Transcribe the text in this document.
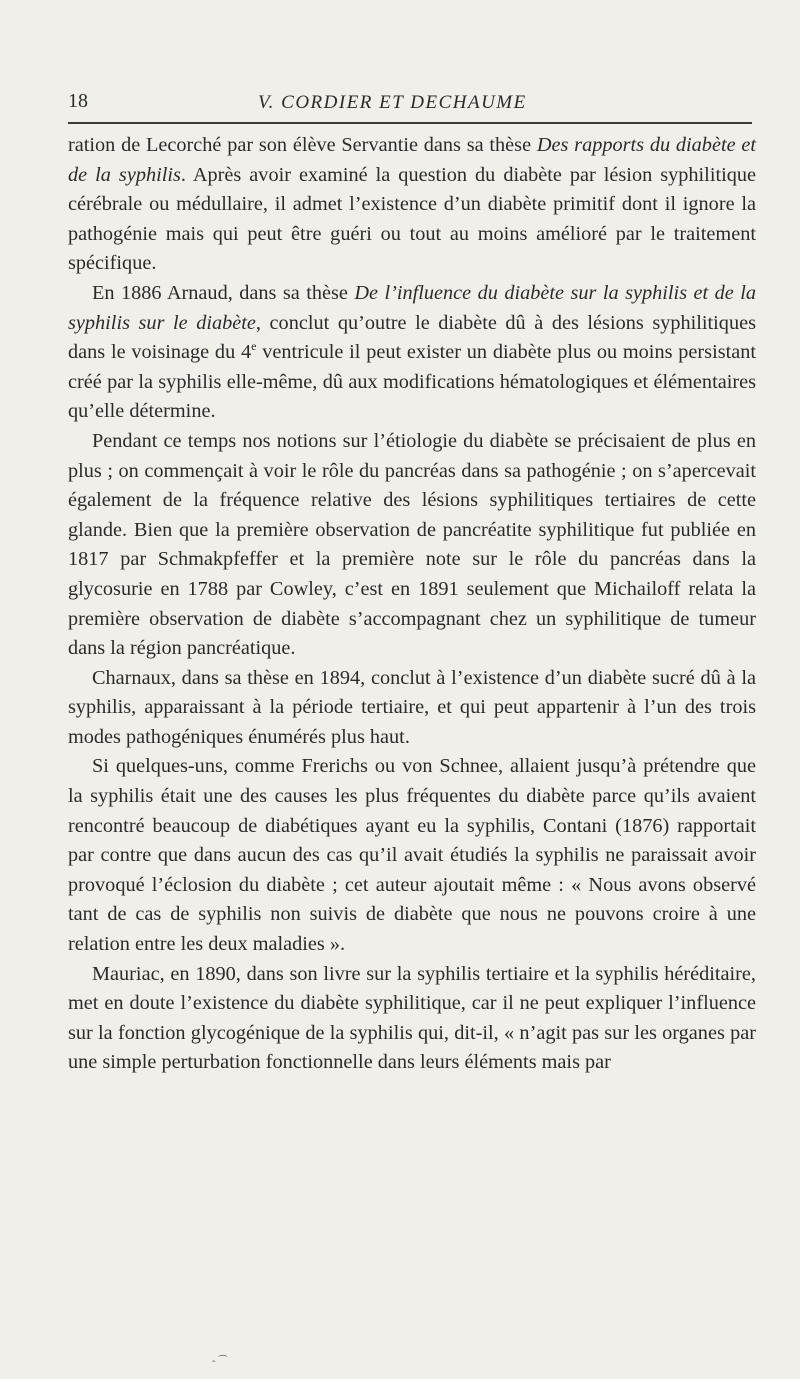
18	V. CORDIER ET DECHAUME

ration de Lecorché par son élève Servantie dans sa thèse Des rapports du diabète et de la syphilis. Après avoir examiné la question du diabète par lésion syphilitique cérébrale ou médullaire, il admet l’existence d’un diabète primitif dont il ignore la pathogénie mais qui peut être guéri ou tout au moins amélioré par le traitement spécifique.

En 1886 Arnaud, dans sa thèse De l’influence du diabète sur la syphilis et de la syphilis sur le diabète, conclut qu’outre le diabète dû à des lésions syphilitiques dans le voisinage du 4e ventricule il peut exister un diabète plus ou moins persistant créé par la syphilis elle-même, dû aux modifications hématologiques et élémentaires qu’elle détermine.

Pendant ce temps nos notions sur l’étiologie du diabète se précisaient de plus en plus ; on commençait à voir le rôle du pancréas dans sa pathogénie ; on s’apercevait également de la fréquence relative des lésions syphilitiques tertiaires de cette glande. Bien que la première observation de pancréatite syphilitique fut publiée en 1817 par Schmakpfeffer et la première note sur le rôle du pancréas dans la glycosurie en 1788 par Cowley, c’est en 1891 seulement que Michailoff relata la première observation de diabète s’accompagnant chez un syphilitique de tumeur dans la région pancréatique.

Charnaux, dans sa thèse en 1894, conclut à l’existence d’un diabète sucré dû à la syphilis, apparaissant à la période tertiaire, et qui peut appartenir à l’un des trois modes pathogéniques énumérés plus haut.

Si quelques-uns, comme Frerichs ou von Schnee, allaient jusqu’à prétendre que la syphilis était une des causes les plus fréquentes du diabète parce qu’ils avaient rencontré beaucoup de diabétiques ayant eu la syphilis, Contani (1876) rapportait par contre que dans aucun des cas qu’il avait étudiés la syphilis ne paraissait avoir provoqué l’éclosion du diabète ; cet auteur ajoutait même : « Nous avons observé tant de cas de syphilis non suivis de diabète que nous ne pouvons croire à une relation entre les deux maladies ».

Mauriac, en 1890, dans son livre sur la syphilis tertiaire et la syphilis héréditaire, met en doute l’existence du diabète syphilitique, car il ne peut expliquer l’influence sur la fonction glycogénique de la syphilis qui, dit-il, « n’agit pas sur les organes par une simple perturbation fonctionnelle dans leurs éléments mais par

‐ ⁀
